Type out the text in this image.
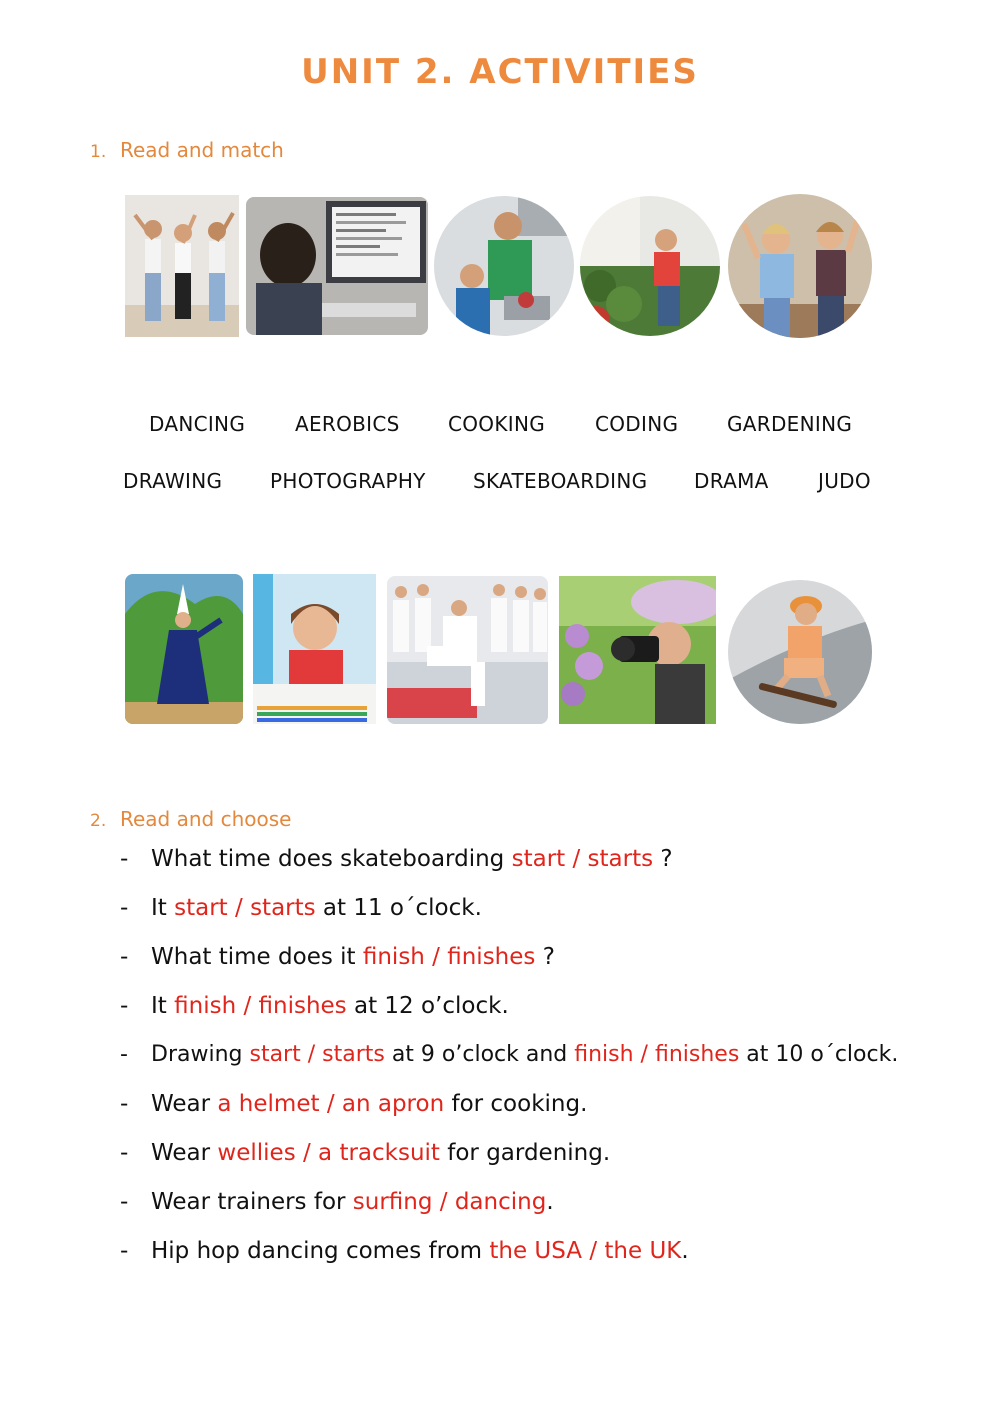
UNIT 2. ACTIVITIES
1. Read and match
DANCING AEROBICS COOKING CODING GARDENING
DRAWING PHOTOGRAPHY SKATEBOARDING DRAMA JUDO
2. Read and choose
- What time does skateboarding start / starts ?
- It start / starts at 11 o´clock.
- What time does it finish / finishes ?
- It finish / finishes at 12 o’clock.
- Drawing start / starts at 9 o’clock and finish / finishes at 10 o´clock.
- Wear a helmet / an apron for cooking.
- Wear wellies / a tracksuit for gardening.
- Wear trainers for surfing / dancing.
- Hip hop dancing comes from the USA / the UK.
